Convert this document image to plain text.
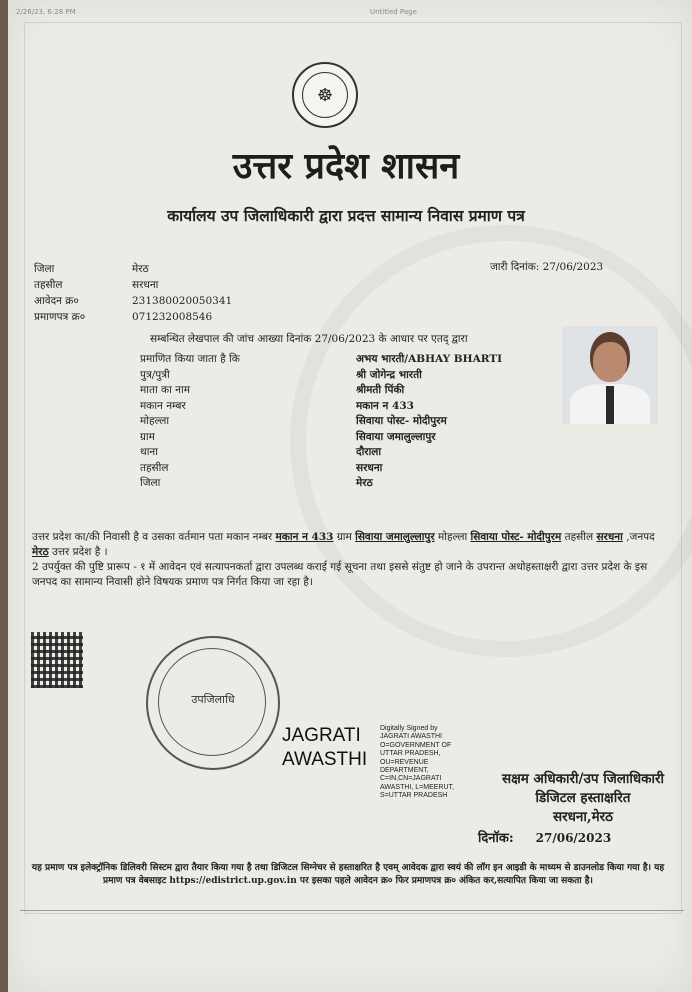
2/26/23, 6:28 PM	Untitled Page
☸
उत्तर प्रदेश शासन
कार्यालय उप जिलाधिकारी द्वारा प्रदत्त सामान्य निवास प्रमाण पत्र
जिला	मेरठ
तहसील	सरधना
आवेदन क्र०	231380020050341
प्रमाणपत्र क्र०	071232008546
जारी दिनांक: 27/06/2023
सम्बन्धित लेखपाल की जांच आख्या दिनांक 27/06/2023 के आधार पर एतद् द्वारा
प्रमाणित किया जाता है कि	अभय भारती/ABHAY BHARTI
पुत्र/पुत्री	श्री जोगेन्द्र भारती
माता का नाम	श्रीमती पिंकी
मकान नम्बर	मकान न 433
मोहल्ला	सिवाया पोस्ट- मोदीपुरम
ग्राम	सिवाया जमालुल्लापुर
थाना	दौराला
तहसील	सरधना
जिला	मेरठ
उत्तर प्रदेश का/की निवासी है व उसका वर्तमान पता मकान नम्बर मकान न 433 ग्राम सिवाया जमालुल्लापुर मोहल्ला सिवाया पोस्ट- मोदीपुरम तहसील सरधना ,जनपद मेरठ उत्तर प्रदेश है ।
2 उपर्युक्त की पुष्टि प्रारूप - १ में आवेदन एवं सत्यापनकर्ता द्वारा उपलब्ध कराई गई सूचना तथा इससे संतुष्ट हो जाने के उपरान्त अधोहस्ताक्षरी द्वारा उत्तर प्रदेश के इस जनपद का सामान्य निवासी होने विषयक प्रमाण पत्र निर्गत किया जा रहा है।
उपजिलाधि
JAGRATI
AWASTHI
Digitally Signed by
JAGRATI AWASTHI
O=GOVERNMENT OF
UTTAR PRADESH,
OU=REVENUE
DEPARTMENT,
C=IN,CN=JAGRATI
AWASTHI, L=MEERUT,
S=UTTAR PRADESH
सक्षम अधिकारी/उप जिलाधिकारी
डिजिटल हस्ताक्षरित
सरधना,मेरठ
दिनॉक: 27/06/2023
यह प्रमाण पत्र इलेक्ट्रॉनिक डिलिवरी सिस्टम द्वारा तैयार किया गया है तथा डिजिटल सिग्नेचर से हस्ताक्षरित है एवम् आवेदक द्वारा स्वयं की लॉग इन आइडी के माध्यम से डाउनलोड किया गया है। यह प्रमाण पत्र वेबसाइट https://edistrict.up.gov.in पर इसका पहले आवेदन क्र० फिर प्रमाणपत्र क्र० अंकित कर,सत्यापित किया जा सकता है।
